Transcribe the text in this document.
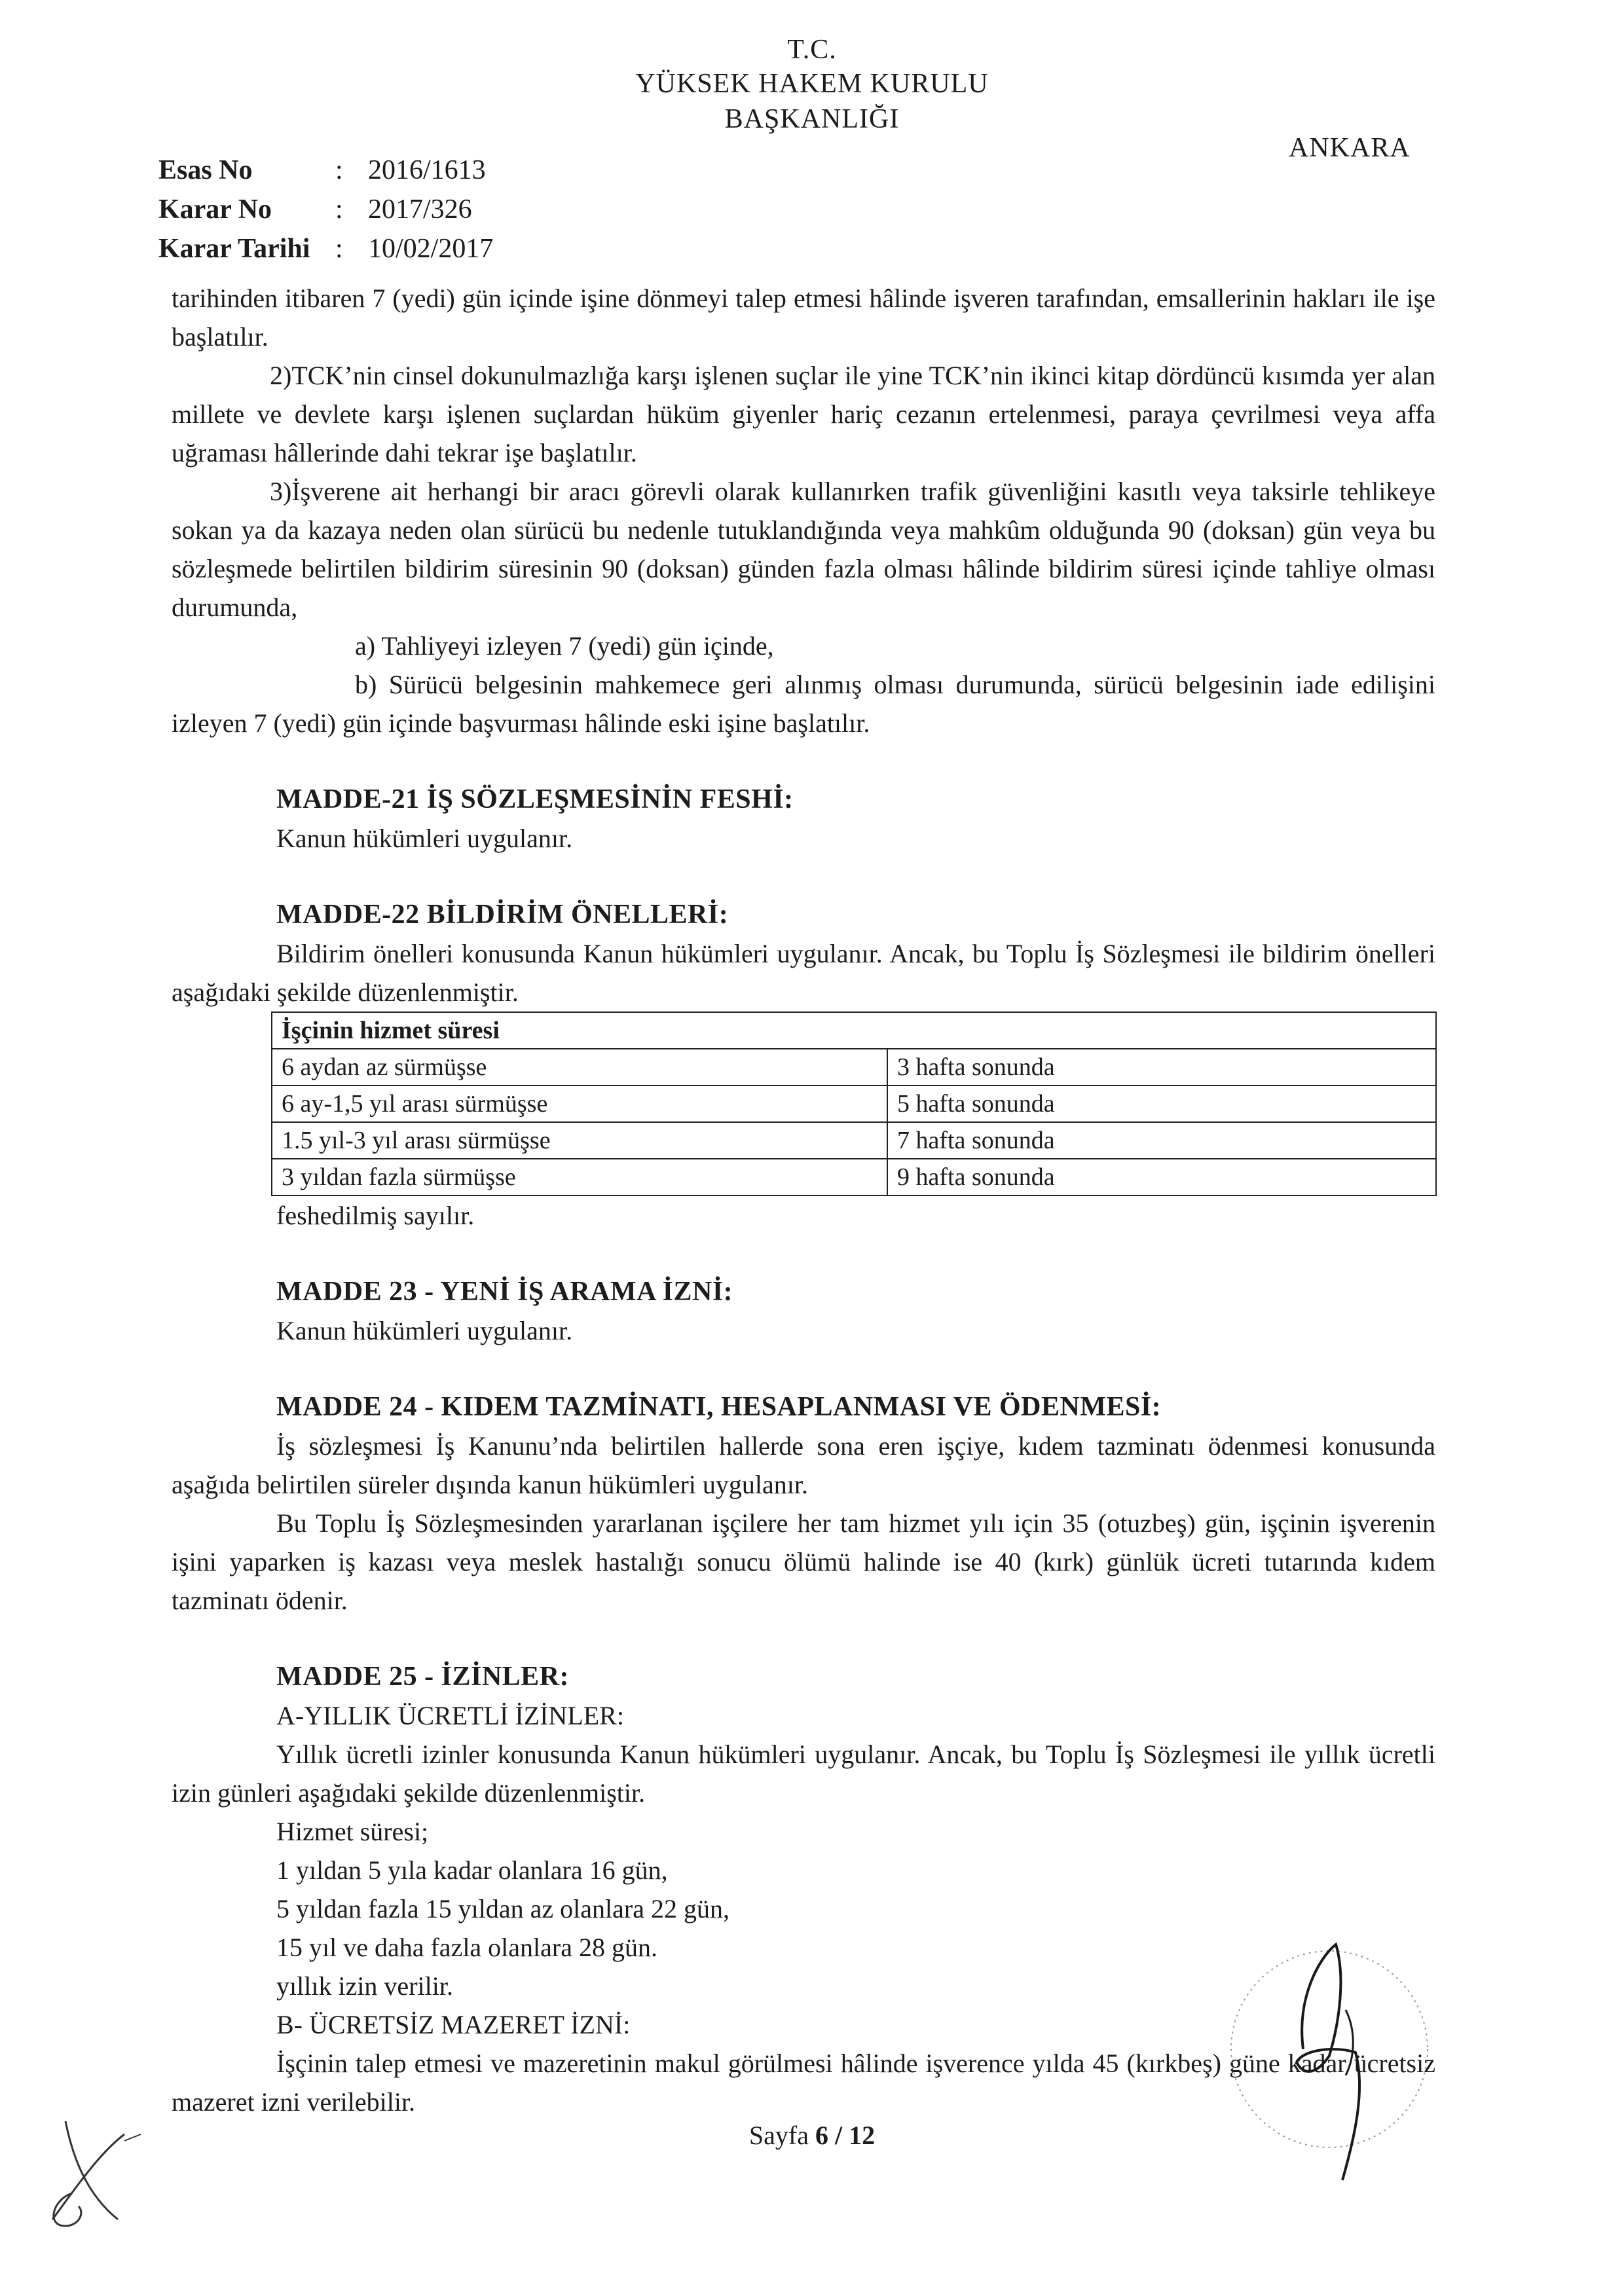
T.C.
YÜKSEK HAKEM KURULU
BAŞKANLIĞI
ANKARA
Esas No	: 2016/1613
Karar No	: 2017/326
Karar Tarihi : 10/02/2017

tarihinden itibaren 7 (yedi) gün içinde işine dönmeyi talep etmesi hâlinde işveren tarafından, emsallerinin hakları ile işe başlatılır.

2)TCK’nin cinsel dokunulmazlığa karşı işlenen suçlar ile yine TCK’nin ikinci kitap dördüncü kısımda yer alan millete ve devlete karşı işlenen suçlardan hüküm giyenler hariç cezanın ertelenmesi, paraya çevrilmesi veya affa uğraması hâllerinde dahi tekrar işe başlatılır.

3)İşverene ait herhangi bir aracı görevli olarak kullanırken trafik güvenliğini kasıtlı veya taksirle tehlikeye sokan ya da kazaya neden olan sürücü bu nedenle tutuklandığında veya mahkûm olduğunda 90 (doksan) gün veya bu sözleşmede belirtilen bildirim süresinin 90 (doksan) günden fazla olması hâlinde bildirim süresi içinde tahliye olması durumunda,

a) Tahliyeyi izleyen 7 (yedi) gün içinde,

b) Sürücü belgesinin mahkemece geri alınmış olması durumunda, sürücü belgesinin iade edilişini izleyen 7 (yedi) gün içinde başvurması hâlinde eski işine başlatılır.

MADDE-21 İŞ SÖZLEŞMESİNİN FESHİ:

Kanun hükümleri uygulanır.

MADDE-22 BİLDİRİM ÖNELLERİ:

Bildirim önelleri konusunda Kanun hükümleri uygulanır. Ancak, bu Toplu İş Sözleşmesi ile bildirim önelleri aşağıdaki şekilde düzenlenmiştir.

İşçinin hizmet süresi	
6 aydan az sürmüşse	3 hafta sonunda
6 ay-1,5 yıl arası sürmüşse	5 hafta sonunda
1.5 yıl-3 yıl arası sürmüşse	7 hafta sonunda
3 yıldan fazla sürmüşse	9 hafta sonunda

feshedilmiş sayılır.

MADDE 23 - YENİ İŞ ARAMA İZNİ:

Kanun hükümleri uygulanır.

MADDE 24 - KIDEM TAZMİNATI, HESAPLANMASI VE ÖDENMESİ:

İş sözleşmesi İş Kanunu’nda belirtilen hallerde sona eren işçiye, kıdem tazminatı ödenmesi konusunda aşağıda belirtilen süreler dışında kanun hükümleri uygulanır.

Bu Toplu İş Sözleşmesinden yararlanan işçilere her tam hizmet yılı için 35 (otuzbeş) gün, işçinin işverenin işini yaparken iş kazası veya meslek hastalığı sonucu ölümü halinde ise 40 (kırk) günlük ücreti tutarında kıdem tazminatı ödenir.

MADDE 25 - İZİNLER:

A-YILLIK ÜCRETLİ İZİNLER:

Yıllık ücretli izinler konusunda Kanun hükümleri uygulanır. Ancak, bu Toplu İş Sözleşmesi ile yıllık ücretli izin günleri aşağıdaki şekilde düzenlenmiştir.

Hizmet süresi;

1 yıldan 5 yıla kadar olanlara 16 gün,

5 yıldan fazla 15 yıldan az olanlara 22 gün,

15 yıl ve daha fazla olanlara 28 gün.

yıllık izin verilir.

B- ÜCRETSİZ MAZERET İZNİ:

İşçinin talep etmesi ve mazeretinin makul görülmesi hâlinde işverence yılda 45 (kırkbeş) güne kadar ücretsiz mazeret izni verilebilir.

Sayfa 6 / 12
